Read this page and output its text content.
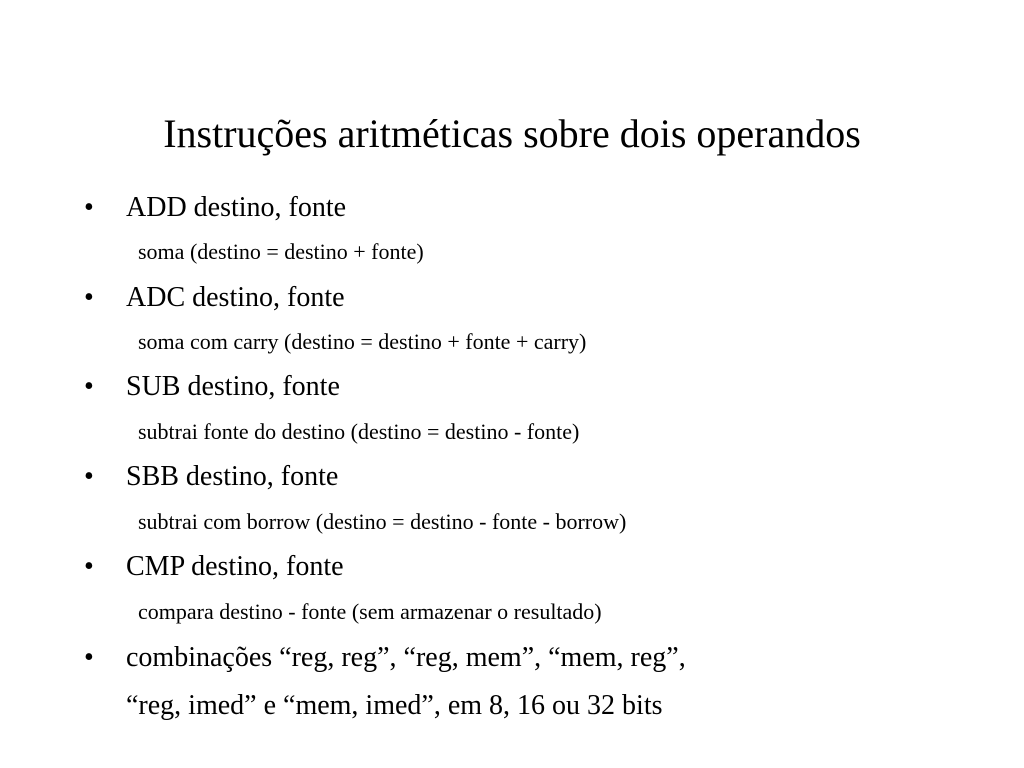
Instruções aritméticas sobre dois operandos
• ADD destino, fonte
soma (destino = destino + fonte)
• ADC destino, fonte
soma com carry (destino = destino + fonte + carry)
• SUB destino, fonte
subtrai fonte do destino (destino = destino - fonte)
• SBB destino, fonte
subtrai com borrow (destino = destino - fonte - borrow)
• CMP destino, fonte
compara destino - fonte (sem armazenar o resultado)
• combinações “reg, reg”, “reg, mem”, “mem, reg”,
“reg, imed” e “mem, imed”, em 8, 16 ou 32 bits
